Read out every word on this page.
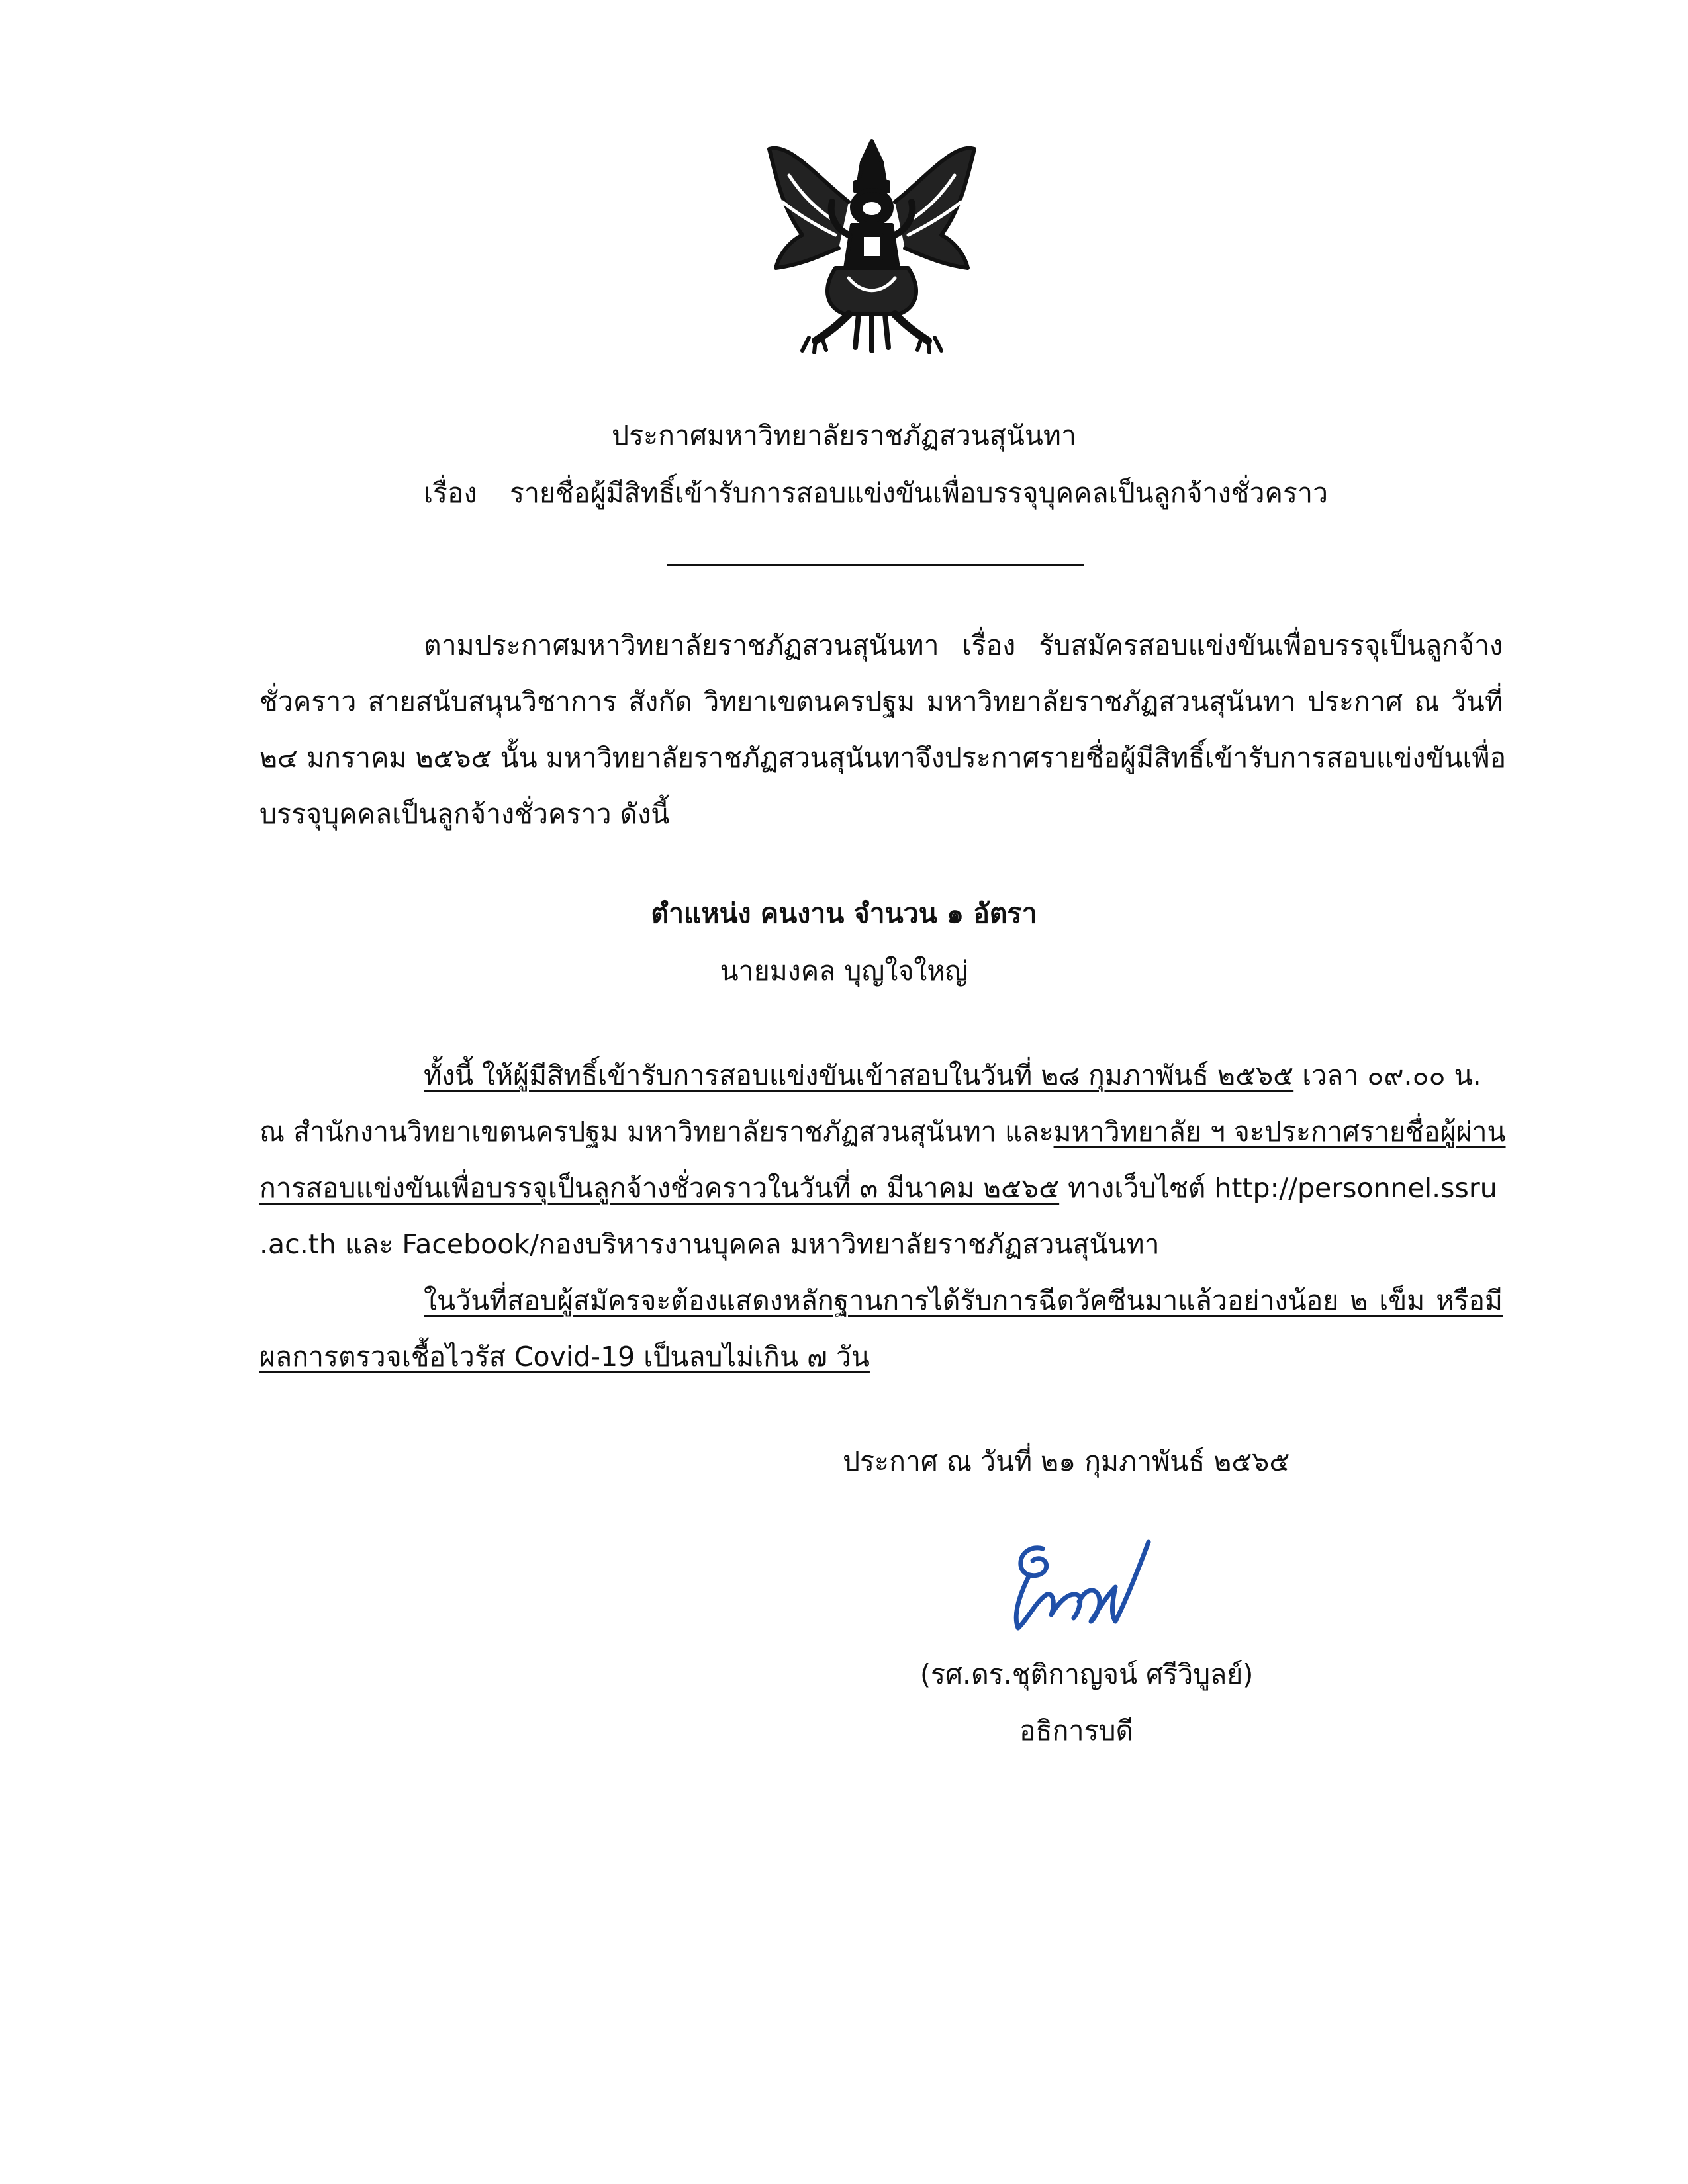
ประกาศมหาวิทยาลัยราชภัฏสวนสุนันทา
เรื่อง รายชื่อผู้มีสิทธิ์เข้ารับการสอบแข่งขันเพื่อบรรจุบุคคลเป็นลูกจ้างชั่วคราว
ตามประกาศมหาวิทยาลัยราชภัฏสวนสุนันทา เรื่อง รับสมัครสอบแข่งขันเพื่อบรรจุเป็นลูกจ้าง
ชั่วคราว สายสนับสนุนวิชาการ สังกัด วิทยาเขตนครปฐม มหาวิทยาลัยราชภัฏสวนสุนันทา ประกาศ ณ วันที่
๒๔ มกราคม ๒๕๖๕ นั้น มหาวิทยาลัยราชภัฏสวนสุนันทาจึงประกาศรายชื่อผู้มีสิทธิ์เข้ารับการสอบแข่งขันเพื่อ
บรรจุบุคคลเป็นลูกจ้างชั่วคราว ดังนี้
ตำแหน่ง คนงาน จำนวน ๑ อัตรา
นายมงคล บุญใจใหญ่
ทั้งนี้ ให้ผู้มีสิทธิ์เข้ารับการสอบแข่งขันเข้าสอบในวันที่ ๒๘ กุมภาพันธ์ ๒๕๖๕ เวลา ๐๙.๐๐ น.
ณ สำนักงานวิทยาเขตนครปฐม มหาวิทยาลัยราชภัฏสวนสุนันทา และมหาวิทยาลัย ฯ จะประกาศรายชื่อผู้ผ่าน
การสอบแข่งขันเพื่อบรรจุเป็นลูกจ้างชั่วคราวในวันที่ ๓ มีนาคม ๒๕๖๕ ทางเว็บไซต์ http://personnel.ssru
.ac.th และ Facebook/กองบริหารงานบุคคล มหาวิทยาลัยราชภัฏสวนสุนันทา
ในวันที่สอบผู้สมัครจะต้องแสดงหลักฐานการได้รับการฉีดวัคซีนมาแล้วอย่างน้อย ๒ เข็ม หรือมี
ผลการตรวจเชื้อไวรัส Covid-19 เป็นลบไม่เกิน ๗ วัน
ประกาศ ณ วันที่ ๒๑ กุมภาพันธ์ ๒๕๖๕
(รศ.ดร.ชุติกาญจน์ ศรีวิบูลย์)
อธิการบดี
